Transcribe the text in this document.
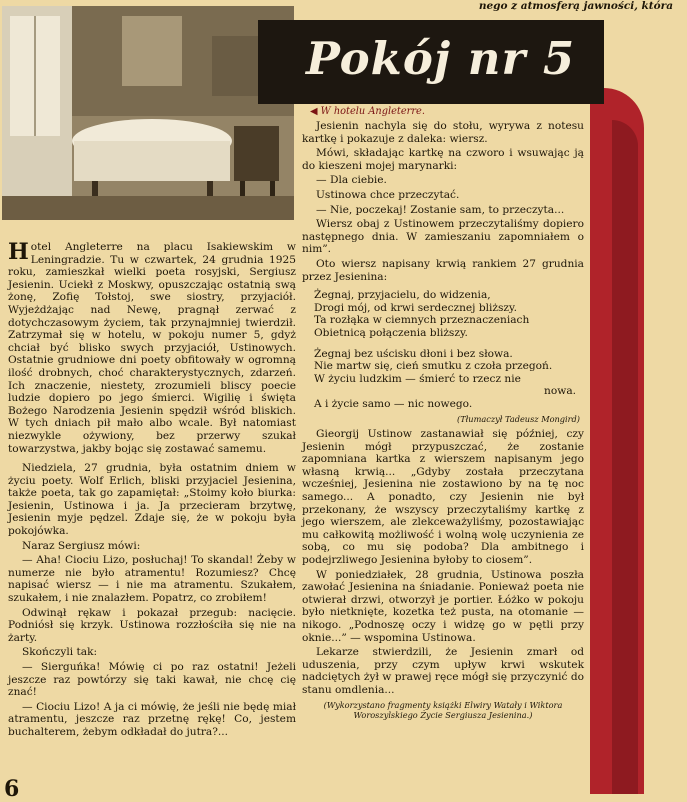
nego z atmosferą jawności, która
Pokój nr 5
◀ W hotelu Angleterre.

Hotel Angleterre na placu Isakiewskim w Leningradzie. Tu w czwartek, 24 grudnia 1925 roku, zamieszkał wielki poeta rosyjski, Sergiusz Jesienin. Uciekł z Moskwy, opuszczając ostatnią swą żonę, Zofię Tołstoj, swe siostry, przyjaciół. Wyjeżdżając nad Newę, pragnął zerwać z dotychczasowym życiem, tak przynajmniej twierdził. Zatrzymał się w hotelu, w pokoju numer 5, gdyż chciał być blisko swych przyjaciół, Ustinowych. Ostatnie grudniowe dni poety obfitowały w ogromną ilość drobnych, choć charakterystycznych, zdarzeń. Ich znaczenie, niestety, zrozumieli bliscy poecie ludzie dopiero po jego śmierci. Wigilię i święta Bożego Narodzenia Jesienin spędził wśród bliskich. W tych dniach pił mało albo wcale. Był natomiast niezwykle ożywiony, bez przerwy szukał towarzystwa, jakby bojąc się zostawać samemu.

Niedziela, 27 grudnia, była ostatnim dniem w życiu poety. Wolf Erlich, bliski przyjaciel Jesienina, także poeta, tak go zapamiętał: „Stoimy koło biurka: Jesienin, Ustinowa i ja. Ja przecieram brzytwę, Jesienin myje pędzel. Zdaje się, że w pokoju była pokojówka.

Naraz Sergiusz mówi:

— Aha! Ciociu Lizo, posłuchaj! To skandal! Żeby w numerze nie było atramentu! Rozumiesz? Chcę napisać wiersz — i nie ma atramentu. Szukałem, szukałem, i nie znalazłem. Popatrz, co zrobiłem!

Odwinął rękaw i pokazał przegub: nacięcie. Podniósł się krzyk. Ustinowa rozzłościła się nie na żarty.

Skończyli tak:

— Sierguńka! Mówię ci po raz ostatni! Jeżeli jeszcze raz powtórzy się taki kawał, nie chcę cię znać!

— Ciociu Lizo! A ja ci mówię, że jeśli nie będę miał atramentu, jeszcze raz przetnę rękę! Co, jestem buchalterem, żebym odkładał do jutra?...

Jesienin nachyla się do stołu, wyrywa z notesu kartkę i pokazuje z daleka: wiersz.

Mówi, składając kartkę na czworo i wsuwając ją do kieszeni mojej marynarki:

— Dla ciebie.

Ustinowa chce przeczytać.

— Nie, poczekaj! Zostanie sam, to przeczyta...

Wiersz obaj z Ustinowem przeczytaliśmy dopiero następnego dnia. W zamieszaniu zapomniałem o nim”.

Oto wiersz napisany krwią rankiem 27 grudnia przez Jesienina:

Żegnaj, przyjacielu, do widzenia,
Drogi mój, od krwi serdecznej bliższy.
Ta rozłąka w ciemnych przeznaczeniach
Obietnicą połączenia bliższy.
Żegnaj bez uścisku dłoni i bez słowa.
Nie martw się, cień smutku z czoła przegoń.
W życiu ludzkim — śmierć to rzecz nie
nowa.
A i życie samo — nic nowego.
(Tłumaczył Tadeusz Mongird)

Gieorgij Ustinow zastanawiał się później, czy Jesienin mógł przypuszczać, że zostanie zapomniana kartka z wierszem napisanym jego własną krwią... „Gdyby została przeczytana wcześniej, Jesienina nie zostawiono by na tę noc samego... A ponadto, czy Jesienin nie był przekonany, że wszyscy przeczytaliśmy kartkę z jego wierszem, ale zlekceważyliśmy, pozostawiając mu całkowitą możliwość i wolną wolę uczynienia ze sobą, co mu się podoba? Dla ambitnego i podejrzliwego Jesienina byłoby to ciosem”.

W poniedziałek, 28 grudnia, Ustinowa poszła zawołać Jesienina na śniadanie. Ponieważ poeta nie otwierał drzwi, otworzył je portier. Łóżko w pokoju było nietknięte, kozetka też pusta, na otomanie — nikogo. „Podnoszę oczy i widzę go w pętli przy oknie...” — wspomina Ustinowa.

Lekarze stwierdzili, że Jesienin zmarł od uduszenia, przy czym upływ krwi wskutek nadciętych żył w prawej ręce mógł się przyczynić do stanu omdlenia...

(Wykorzystano fragmenty książki Elwiry Watały i Wiktora Woroszylskiego Życie Sergiusza Jesienina.)
6
